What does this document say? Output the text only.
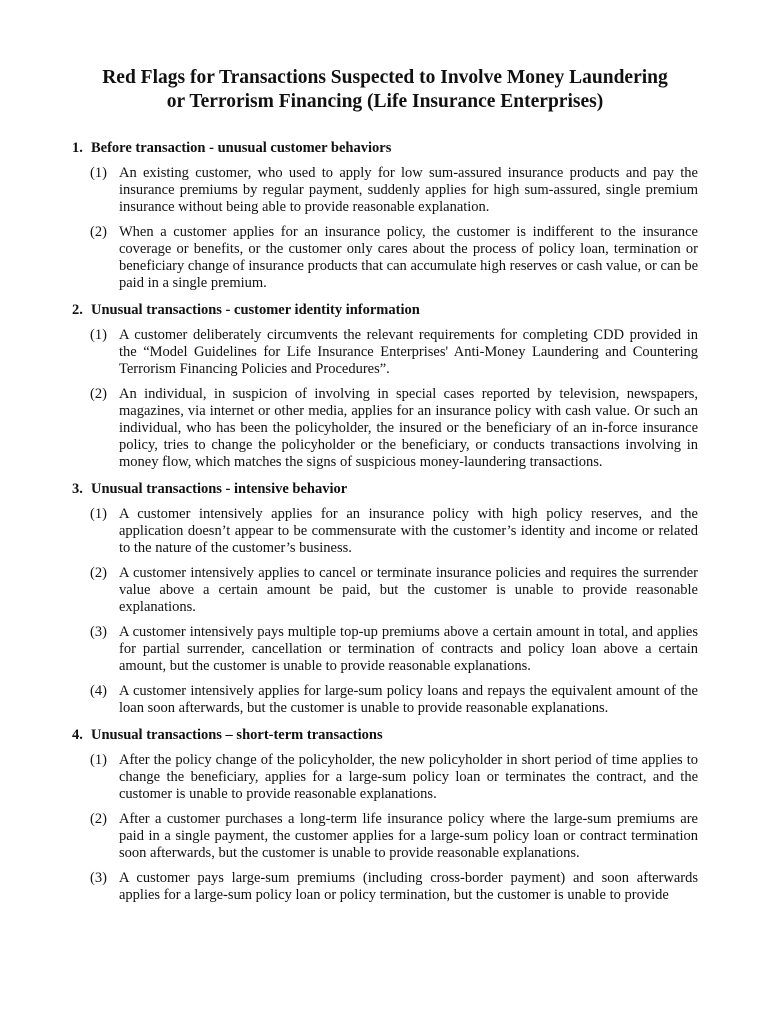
Red Flags for Transactions Suspected to Involve Money Laundering
or Terrorism Financing (Life Insurance Enterprises)
1. Before transaction - unusual customer behaviors
(1) An existing customer, who used to apply for low sum-assured insurance products and pay the insurance premiums by regular payment, suddenly applies for high sum-assured, single premium insurance without being able to provide reasonable explanation.
(2) When a customer applies for an insurance policy, the customer is indifferent to the insurance coverage or benefits, or the customer only cares about the process of policy loan, termination or beneficiary change of insurance products that can accumulate high reserves or cash value, or can be paid in a single premium.
2. Unusual transactions - customer identity information
(1) A customer deliberately circumvents the relevant requirements for completing CDD provided in the “Model Guidelines for Life Insurance Enterprises' Anti-Money Laundering and Countering Terrorism Financing Policies and Procedures”.
(2) An individual, in suspicion of involving in special cases reported by television, newspapers, magazines, via internet or other media, applies for an insurance policy with cash value. Or such an individual, who has been the policyholder, the insured or the beneficiary of an in-force insurance policy, tries to change the policyholder or the beneficiary, or conducts transactions involving in money flow, which matches the signs of suspicious money-laundering transactions.
3. Unusual transactions - intensive behavior
(1) A customer intensively applies for an insurance policy with high policy reserves, and the application doesn’t appear to be commensurate with the customer’s identity and income or related to the nature of the customer’s business.
(2) A customer intensively applies to cancel or terminate insurance policies and requires the surrender value above a certain amount be paid, but the customer is unable to provide reasonable explanations.
(3) A customer intensively pays multiple top-up premiums above a certain amount in total, and applies for partial surrender, cancellation or termination of contracts and policy loan above a certain amount, but the customer is unable to provide reasonable explanations.
(4) A customer intensively applies for large-sum policy loans and repays the equivalent amount of the loan soon afterwards, but the customer is unable to provide reasonable explanations.
4. Unusual transactions – short-term transactions
(1) After the policy change of the policyholder, the new policyholder in short period of time applies to change the beneficiary, applies for a large-sum policy loan or terminates the contract, and the customer is unable to provide reasonable explanations.
(2) After a customer purchases a long-term life insurance policy where the large-sum premiums are paid in a single payment, the customer applies for a large-sum policy loan or contract termination soon afterwards, but the customer is unable to provide reasonable explanations.
(3) A customer pays large-sum premiums (including cross-border payment) and soon afterwards applies for a large-sum policy loan or policy termination, but the customer is unable to provide
